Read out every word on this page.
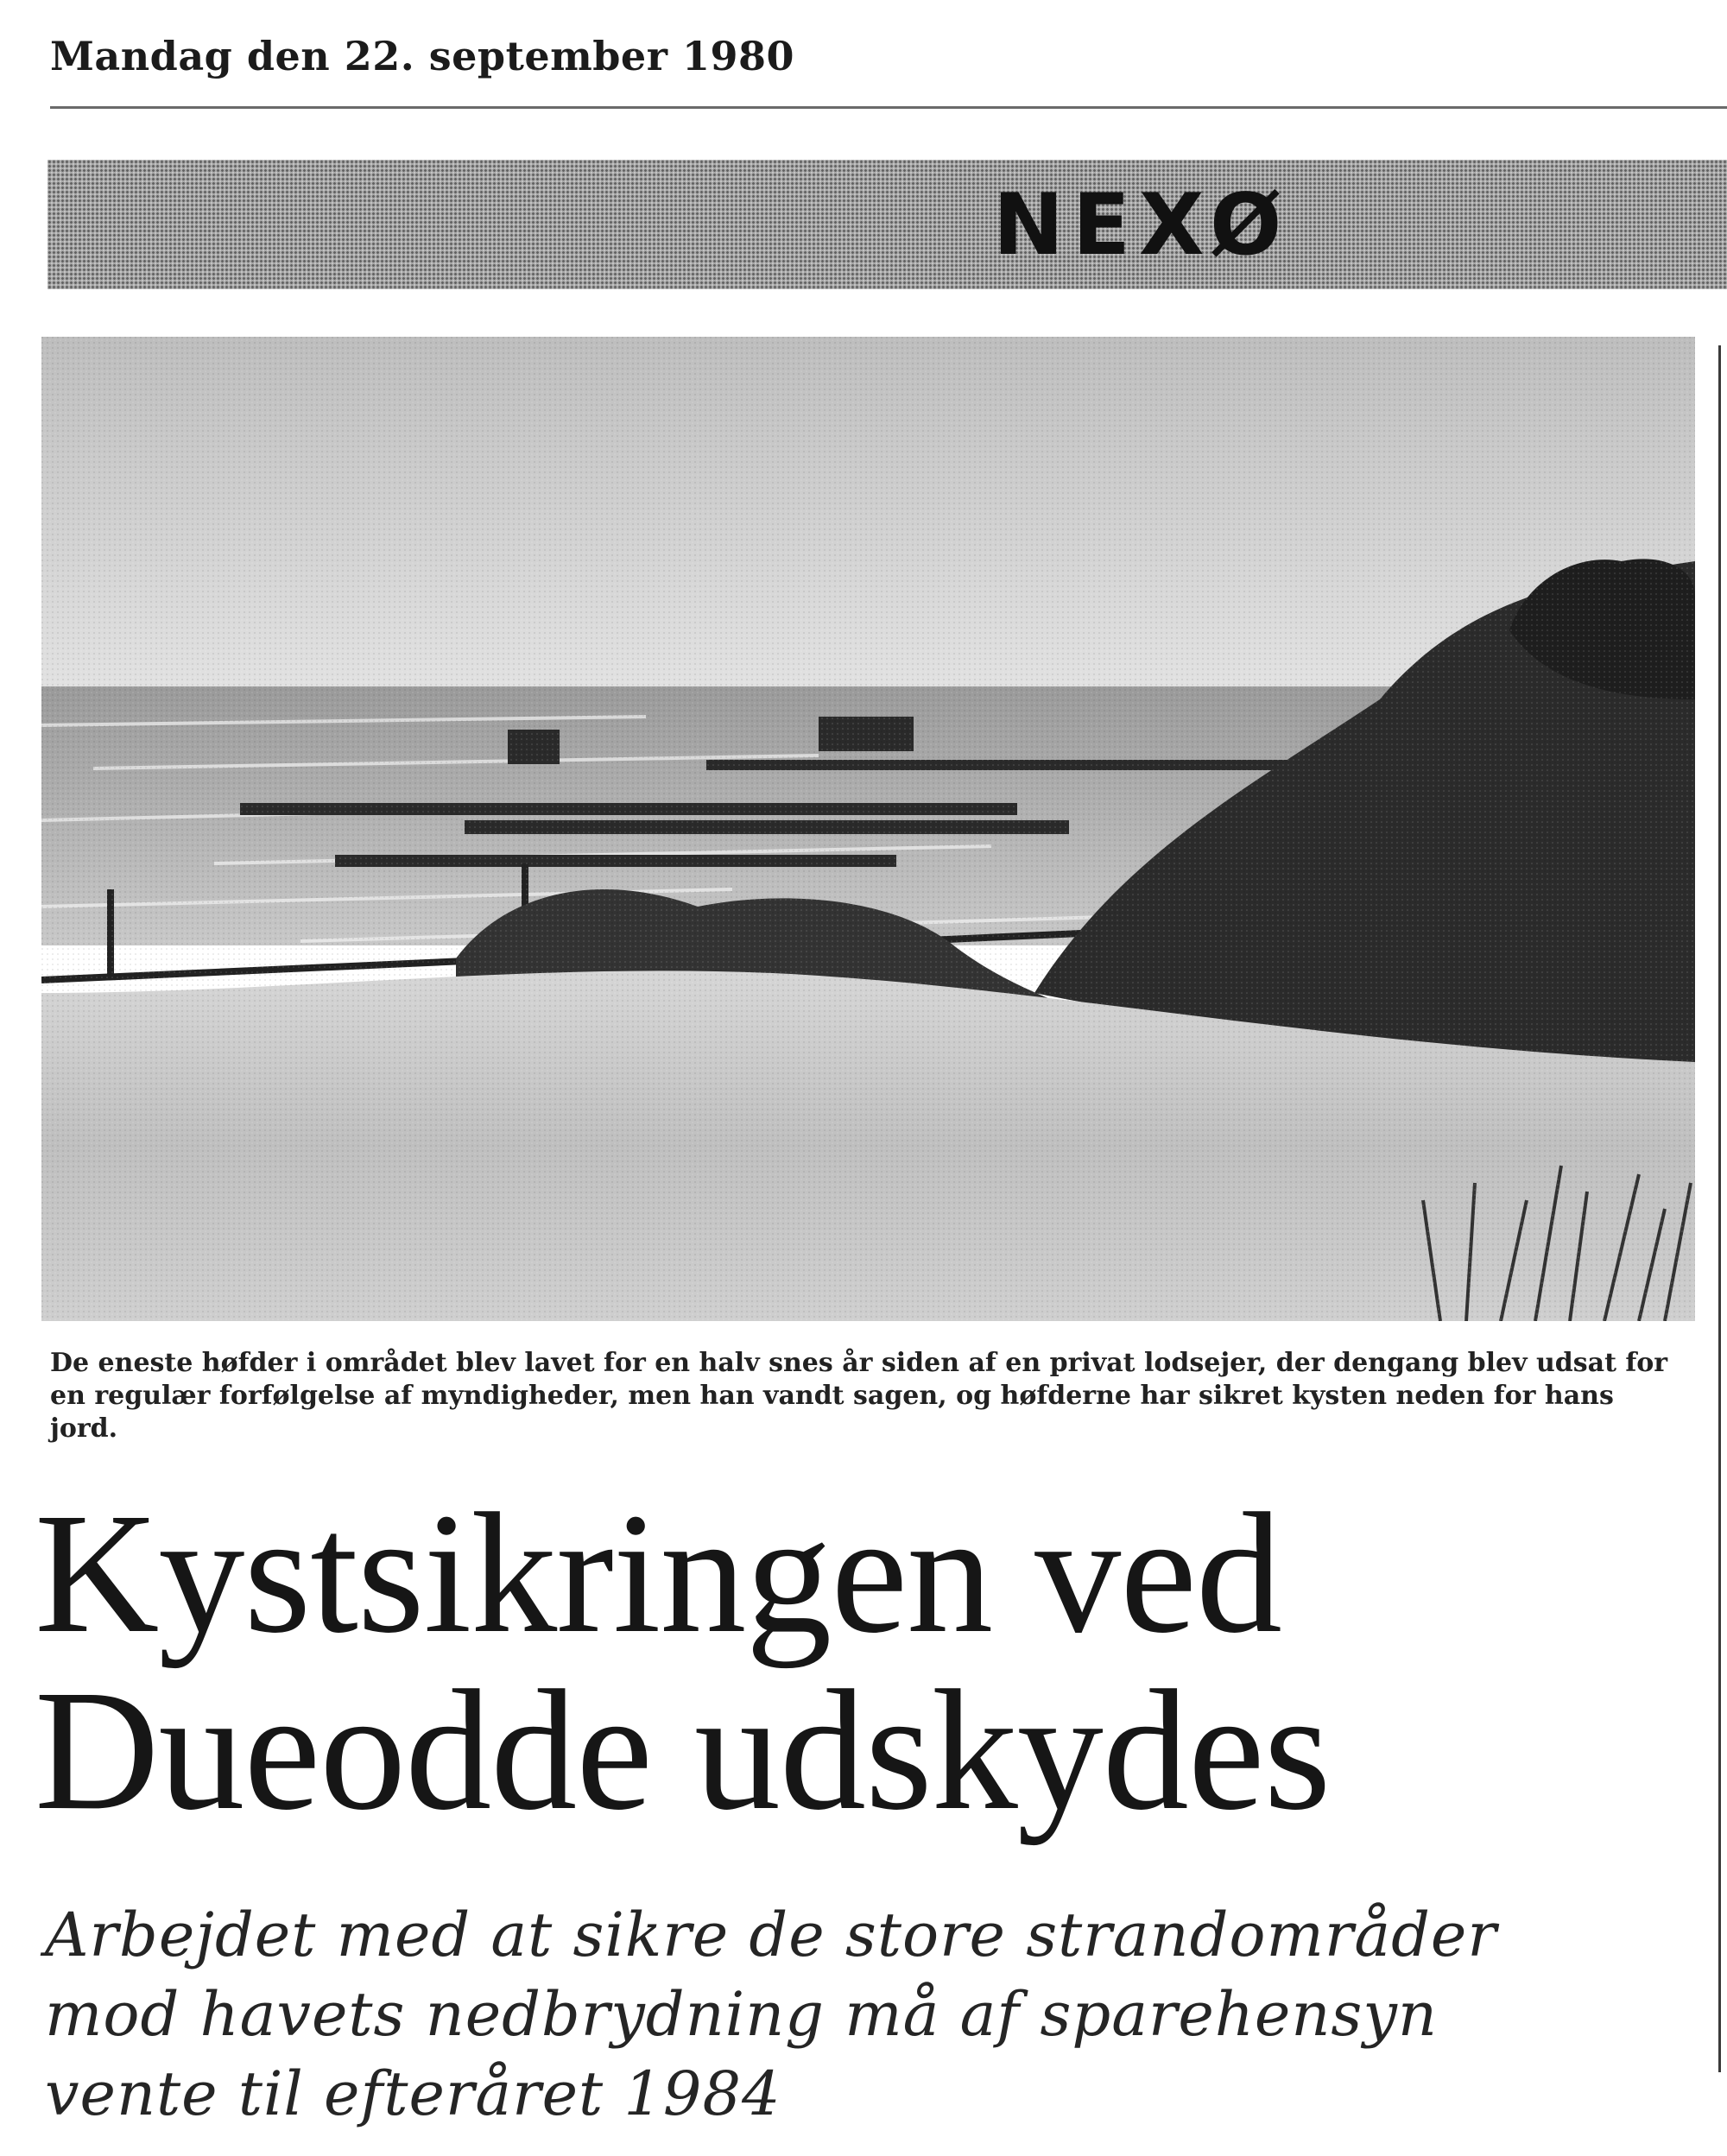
Mandag den 22. september 1980
NEXØ
De eneste høfder i området blev lavet for en halv snes år siden af en privat lodsejer, der dengang blev udsat for en regulær forfølgelse af myndigheder, men han vandt sagen, og høfderne har sikret kysten neden for hans jord.
Kystsikringen ved
Dueodde udskydes
Arbejdet med at sikre de store strandområder
mod havets nedbrydning må af sparehensyn
vente til efteråret 1984
